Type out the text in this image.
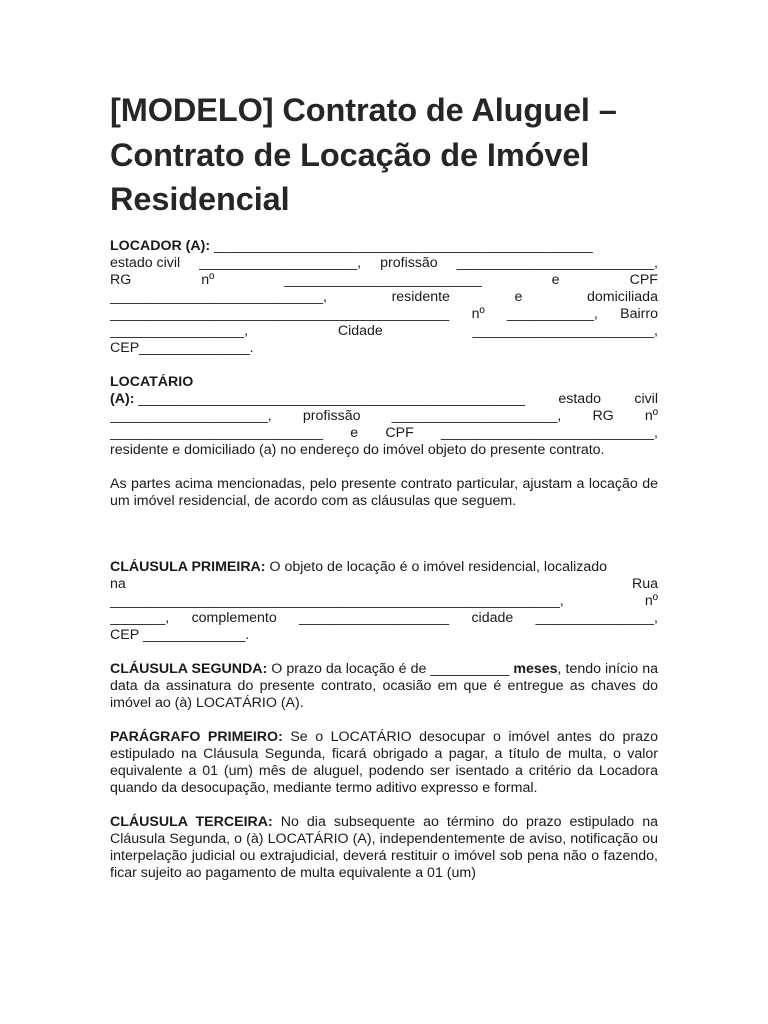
[MODELO] Contrato de Aluguel – Contrato de Locação de Imóvel Residencial
LOCADOR (A): ________________________________________________
estado civil ____________________, profissão _________________________,
RG	nº	_________________________	e	CPF
___________________________,	residente	e	domiciliada
___________________________________________ nº ___________, Bairro
_________________,	Cidade	_______________________,
CEP______________.
LOCATÁRIO
(A): _________________________________________________ estado civil
____________________, profissão _____________________, RG nº
___________________________ e CPF ___________________________,
residente e domiciliado (a) no endereço do imóvel objeto do presente contrato.

As partes acima mencionadas, pelo presente contrato particular, ajustam a locação de um imóvel residencial, de acordo com as cláusulas que seguem.

CLÁUSULA PRIMEIRA: O objeto de locação é o imóvel residencial, localizado
na	Rua
_________________________________________________________,	nº
_______, complemento ___________________ cidade _______________,
CEP _____________.

CLÁUSULA SEGUNDA: O prazo da locação é de __________ meses, tendo início na data da assinatura do presente contrato, ocasião em que é entregue as chaves do imóvel ao (à) LOCATÁRIO (A).

PARÁGRAFO PRIMEIRO: Se o LOCATÁRIO desocupar o imóvel antes do prazo estipulado na Cláusula Segunda, ficará obrigado a pagar, a título de multa, o valor equivalente a 01 (um) mês de aluguel, podendo ser isentado a critério da Locadora quando da desocupação, mediante termo aditivo expresso e formal.

CLÁUSULA TERCEIRA: No dia subsequente ao término do prazo estipulado na Cláusula Segunda, o (à) LOCATÁRIO (A), independentemente de aviso, notificação ou interpelação judicial ou extrajudicial, deverá restituir o imóvel sob pena não o fazendo, ficar sujeito ao pagamento de multa equivalente a 01 (um)
